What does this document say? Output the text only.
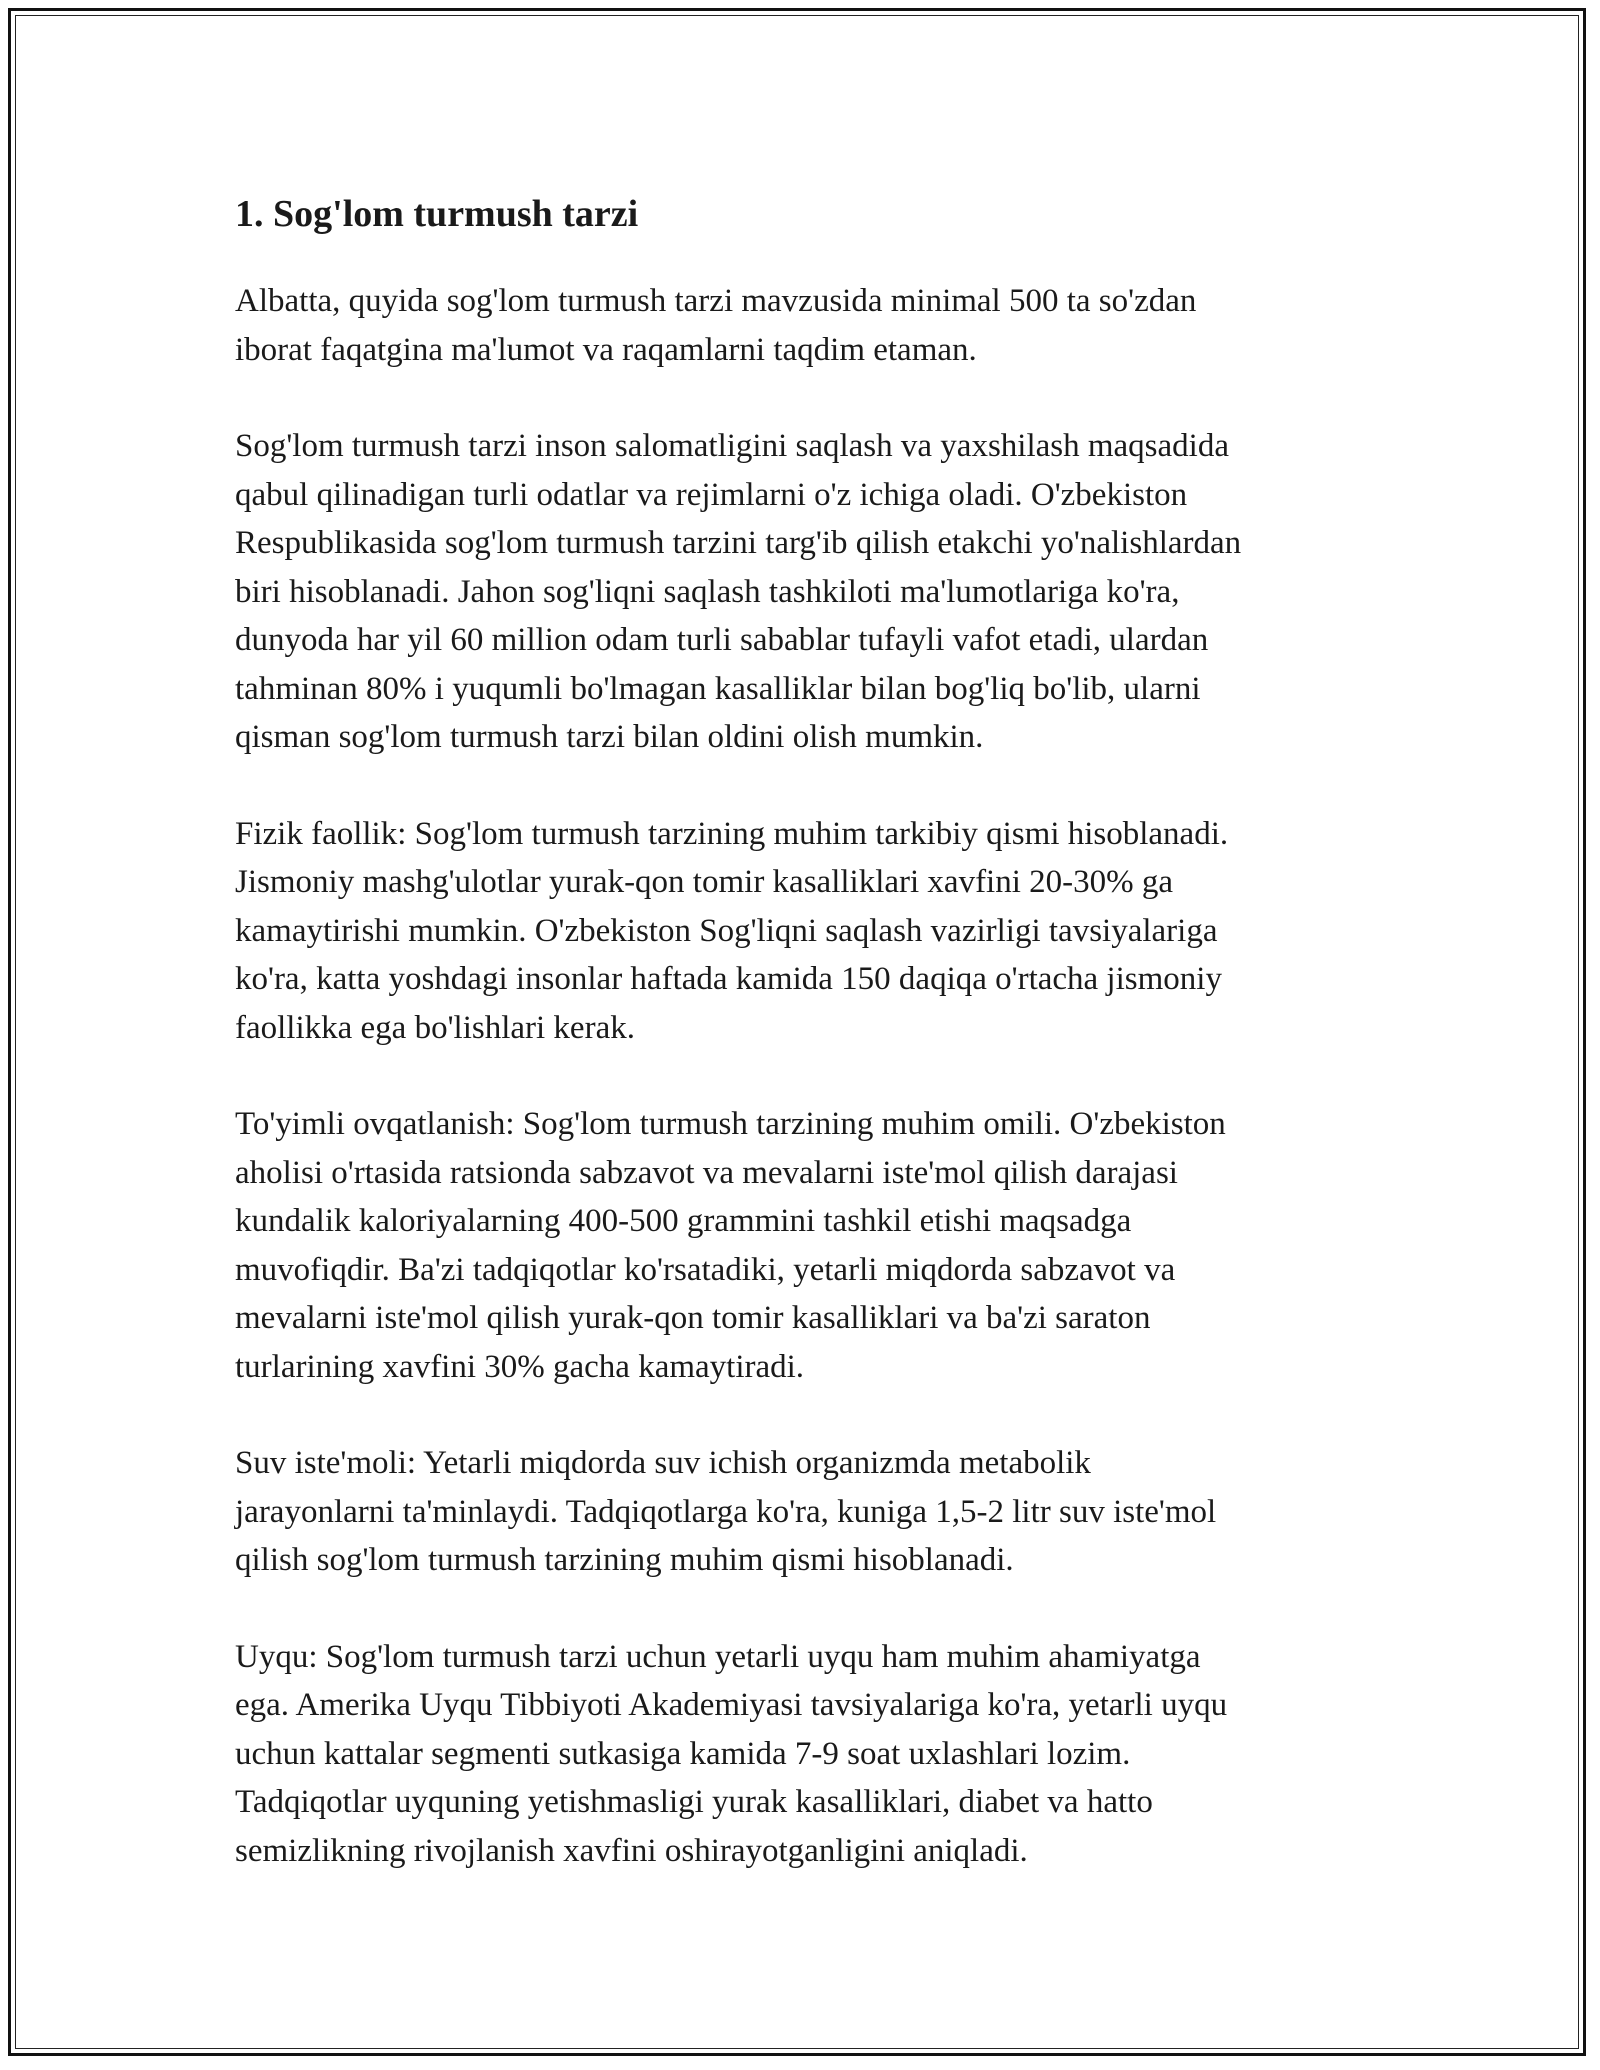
1. Sog'lom turmush tarzi

Albatta, quyida sog'lom turmush tarzi mavzusida minimal 500 ta so'zdan
iborat faqatgina ma'lumot va raqamlarni taqdim etaman.

Sog'lom turmush tarzi inson salomatligini saqlash va yaxshilash maqsadida
qabul qilinadigan turli odatlar va rejimlarni o'z ichiga oladi. O'zbekiston
Respublikasida sog'lom turmush tarzini targ'ib qilish etakchi yo'nalishlardan
biri hisoblanadi. Jahon sog'liqni saqlash tashkiloti ma'lumotlariga ko'ra,
dunyoda har yil 60 million odam turli sabablar tufayli vafot etadi, ulardan
tahminan 80% i yuqumli bo'lmagan kasalliklar bilan bog'liq bo'lib, ularni
qisman sog'lom turmush tarzi bilan oldini olish mumkin.

Fizik faollik: Sog'lom turmush tarzining muhim tarkibiy qismi hisoblanadi.
Jismoniy mashg'ulotlar yurak-qon tomir kasalliklari xavfini 20-30% ga
kamaytirishi mumkin. O'zbekiston Sog'liqni saqlash vazirligi tavsiyalariga
ko'ra, katta yoshdagi insonlar haftada kamida 150 daqiqa o'rtacha jismoniy
faollikka ega bo'lishlari kerak.

To'yimli ovqatlanish: Sog'lom turmush tarzining muhim omili. O'zbekiston
aholisi o'rtasida ratsionda sabzavot va mevalarni iste'mol qilish darajasi
kundalik kaloriyalarning 400-500 grammini tashkil etishi maqsadga
muvofiqdir. Ba'zi tadqiqotlar ko'rsatadiki, yetarli miqdorda sabzavot va
mevalarni iste'mol qilish yurak-qon tomir kasalliklari va ba'zi saraton
turlarining xavfini 30% gacha kamaytiradi.

Suv iste'moli: Yetarli miqdorda suv ichish organizmda metabolik
jarayonlarni ta'minlaydi. Tadqiqotlarga ko'ra, kuniga 1,5-2 litr suv iste'mol
qilish sog'lom turmush tarzining muhim qismi hisoblanadi.

Uyqu: Sog'lom turmush tarzi uchun yetarli uyqu ham muhim ahamiyatga
ega. Amerika Uyqu Tibbiyoti Akademiyasi tavsiyalariga ko'ra, yetarli uyqu
uchun kattalar segmenti sutkasiga kamida 7-9 soat uxlashlari lozim.
Tadqiqotlar uyquning yetishmasligi yurak kasalliklari, diabet va hatto
semizlikning rivojlanish xavfini oshirayotganligini aniqladi.
